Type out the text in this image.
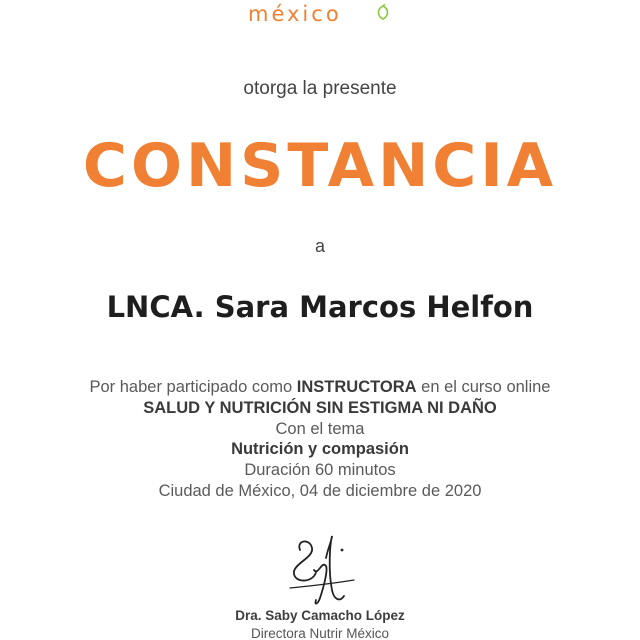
méxico
otorga la presente
CONSTANCIA
a
LNCA. Sara Marcos Helfon
Por haber participado como INSTRUCTORA en el curso online
SALUD Y NUTRICIÓN SIN ESTIGMA NI DAÑO
Con el tema
Nutrición y compasión
Duración 60 minutos
Ciudad de México, 04 de diciembre de 2020
Dra. Saby Camacho López
Directora Nutrir México
